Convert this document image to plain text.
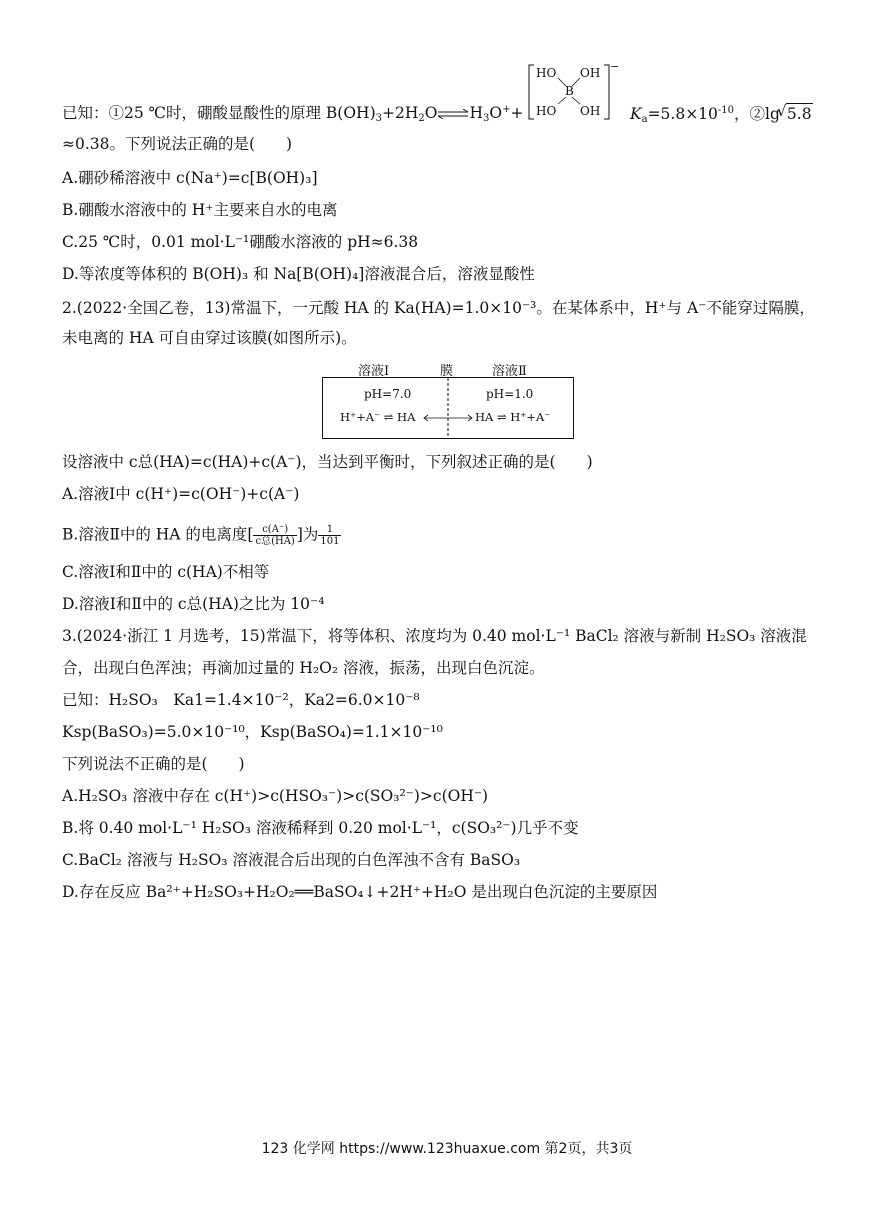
已知：①25 ℃时，硼酸显酸性的原理 $B(OH)_3+2H_2O\rightleftharpoons H_3O^++$
HO OH
B
HO OH
−
$K_a=5.8\times 10^{-10}$，②lg √ 5.8
≈0.38。下列说法正确的是(　　)
A.硼砂稀溶液中 c(Na⁺)=c[B(OH)₃]
B.硼酸水溶液中的 H⁺主要来自水的电离
C.25 ℃时，0.01 mol·L⁻¹硼酸水溶液的 pH≈6.38
D.等浓度等体积的 B(OH)₃ 和 Na[B(OH)₄]溶液混合后，溶液显酸性
2.(2022·全国乙卷，13)常温下，一元酸 HA 的 Ka(HA)=1.0×10⁻³。在某体系中，H⁺与 A⁻不能穿过隔膜，
未电离的 HA 可自由穿过该膜(如图所示)。
溶液Ⅰ	膜	溶液Ⅱ
pH=7.0	pH=1.0
H⁺+A⁻ ⇌ HA	HA ⇌ H⁺+A⁻
设溶液中 c总(HA)=c(HA)+c(A⁻)，当达到平衡时，下列叙述正确的是(　　)
A.溶液Ⅰ中 c(H⁺)=c(OH⁻)+c(A⁻)
B.溶液Ⅱ中的 HA 的电离度[ $\frac{c(A^-)}{\text{c总(HA)}}$ ]为 $\frac{1}{101}$
C.溶液Ⅰ和Ⅱ中的 c(HA)不相等
D.溶液Ⅰ和Ⅱ中的 c总(HA)之比为 10⁻⁴
3.(2024·浙江 1 月选考，15)常温下，将等体积、浓度均为 0.40 mol·L⁻¹ BaCl₂ 溶液与新制 H₂SO₃ 溶液混
合，出现白色浑浊；再滴加过量的 H₂O₂ 溶液，振荡，出现白色沉淀。
已知：H₂SO₃　Ka1=1.4×10⁻²，Ka2=6.0×10⁻⁸
Ksp(BaSO₃)=5.0×10⁻¹⁰，Ksp(BaSO₄)=1.1×10⁻¹⁰
下列说法不正确的是(　　)
A.H₂SO₃ 溶液中存在 c(H⁺)>c(HSO₃⁻)>c(SO₃²⁻)>c(OH⁻)
B.将 0.40 mol·L⁻¹ H₂SO₃ 溶液稀释到 0.20 mol·L⁻¹，c(SO₃²⁻)几乎不变
C.BaCl₂ 溶液与 H₂SO₃ 溶液混合后出现的白色浑浊不含有 BaSO₃
D.存在反应 Ba²⁺+H₂SO₃+H₂O₂══BaSO₄↓+2H⁺+H₂O 是出现白色沉淀的主要原因
123 化学网 https://www.123huaxue.com 第2页，共3页
